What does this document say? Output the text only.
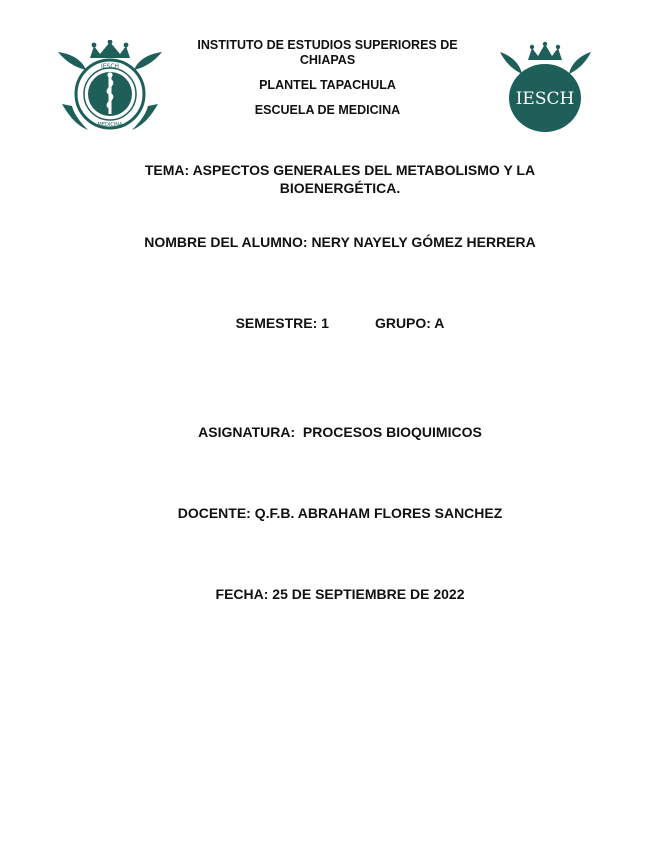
IESCH
MEDICINA
INSTITUTO DE ESTUDIOS SUPERIORES DE CHIAPAS
PLANTEL TAPACHULA
ESCUELA DE MEDICINA
IESCH
TEMA: ASPECTOS GENERALES DEL METABOLISMO Y LA BIOENERGÉTICA.
NOMBRE DEL ALUMNO: NERY NAYELY GÓMEZ HERRERA
SEMESTRE: 1	GRUPO: A
ASIGNATURA:  PROCESOS BIOQUIMICOS
DOCENTE: Q.F.B. ABRAHAM FLORES SANCHEZ
FECHA: 25 DE SEPTIEMBRE DE 2022
